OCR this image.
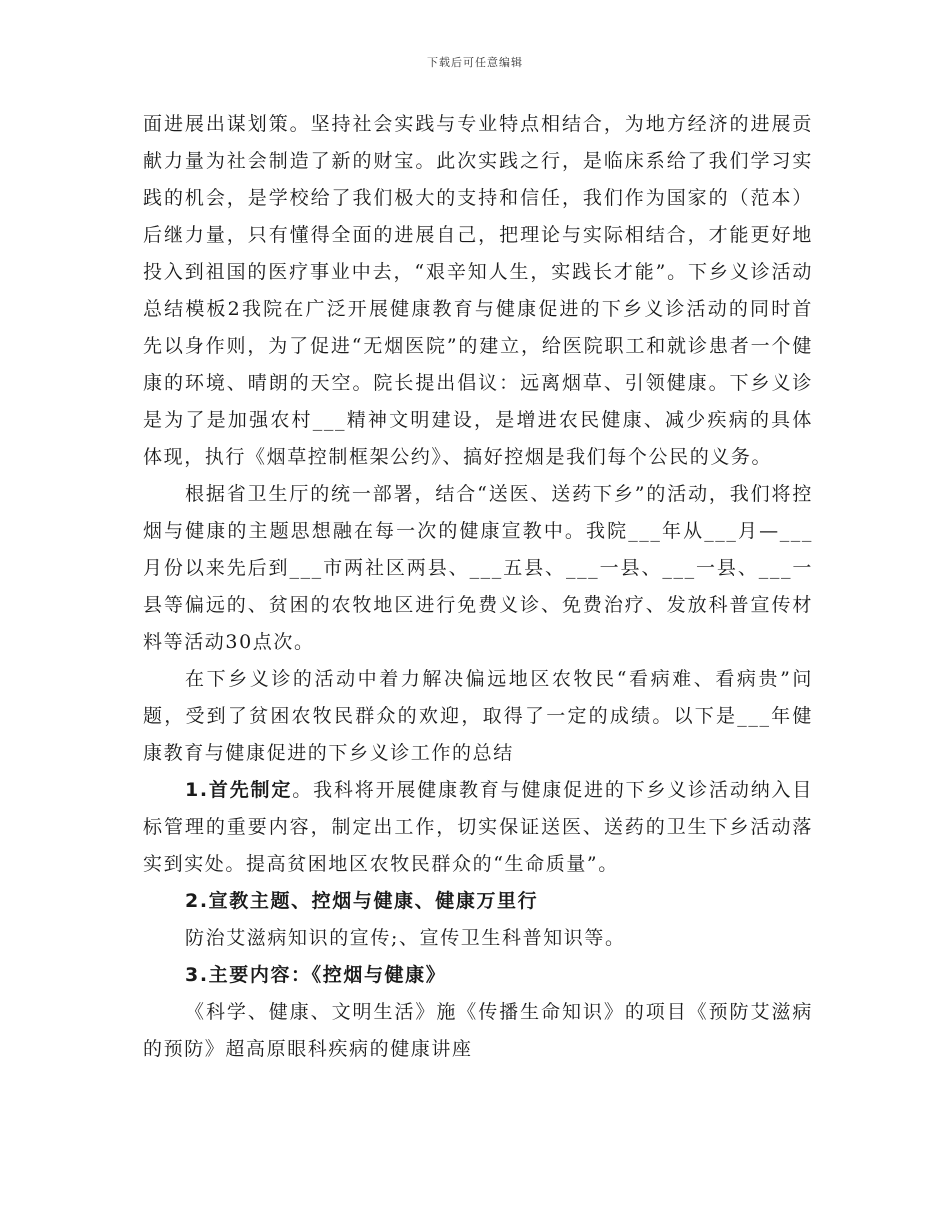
下载后可任意编辑

面进展出谋划策。坚持社会实践与专业特点相结合，为地方经济的进展贡献力量为社会制造了新的财宝。此次实践之行，是临床系给了我们学习实践的机会，是学校给了我们极大的支持和信任，我们作为国家的（范本）后继力量，只有懂得全面的进展自己，把理论与实际相结合，才能更好地投入到祖国的医疗事业中去，“艰辛知人生，实践长才能”。下乡义诊活动总结模板2我院在广泛开展健康教育与健康促进的下乡义诊活动的同时首先以身作则，为了促进“无烟医院”的建立，给医院职工和就诊患者一个健康的环境、晴朗的天空。院长提出倡议：远离烟草、引领健康。下乡义诊是为了是加强农村___精神文明建设，是增进农民健康、减少疾病的具体体现，执行《烟草控制框架公约》、搞好控烟是我们每个公民的义务。

根据省卫生厅的统一部署，结合“送医、送药下乡”的活动，我们将控烟与健康的主题思想融在每一次的健康宣教中。我院___年从___月—___月份以来先后到___市两社区两县、___五县、___一县、___一县、___一县等偏远的、贫困的农牧地区进行免费义诊、免费治疗、发放科普宣传材料等活动30点次。

在下乡义诊的活动中着力解决偏远地区农牧民“看病难、看病贵”问题，受到了贫困农牧民群众的欢迎，取得了一定的成绩。以下是___年健康教育与健康促进的下乡义诊工作的总结

1.首先制定。我科将开展健康教育与健康促进的下乡义诊活动纳入目标管理的重要内容，制定出工作，切实保证送医、送药的卫生下乡活动落实到实处。提高贫困地区农牧民群众的“生命质量”。

2.宣教主题、控烟与健康、健康万里行

防治艾滋病知识的宣传;、宣传卫生科普知识等。

3.主要内容：《控烟与健康》

《科学、健康、文明生活》施《传播生命知识》的项目《预防艾滋病的预防》超高原眼科疾病的健康讲座
